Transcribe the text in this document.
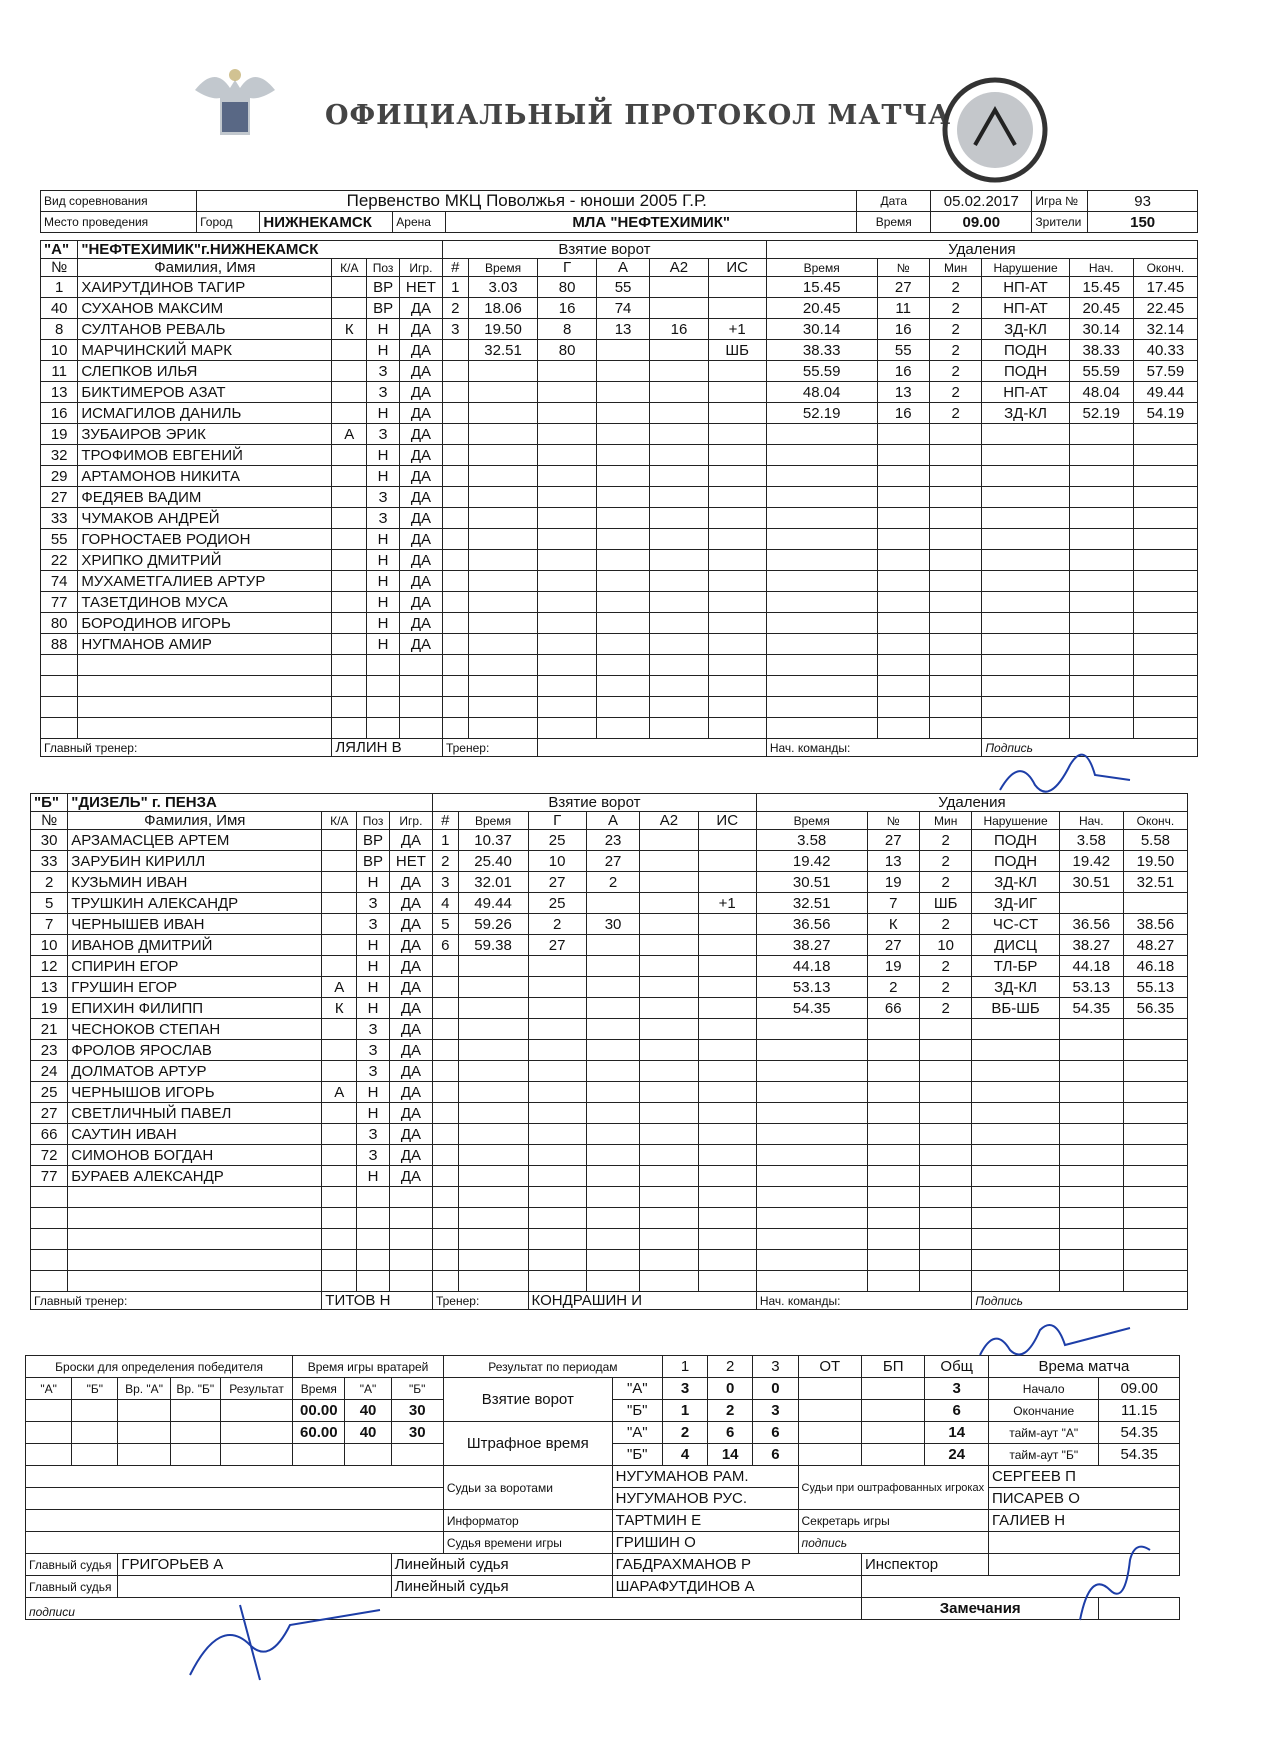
ОФИЦИАЛЬНЫЙ ПРОТОКОЛ МАТЧА
Вид соревнования	Первенство МКЦ Поволжья - юноши 2005 Г.Р.				Дата	05.02.2017	Игра №	93
Место проведения	Город	НИЖНЕКАМСК	Арена	МЛА "НЕФТЕХИМИК"	Время	09.00	Зрители	150
"А"	"НЕФТЕХИМИК"г.НИЖНЕКАМСК				Взятие ворот						Удаления					
№	Фамилия, Имя	К/А	Поз	Игр.	#	Время	Г	А	А2	ИС	Время	№	Мин	Нарушение	Нач.	Оконч.
1	ХАИРУТДИНОВ ТАГИР		ВР	НЕТ	1	3.03	80	55			15.45	27	2	НП-АТ	15.45	17.45
40	СУХАНОВ МАКСИМ		ВР	ДА	2	18.06	16	74			20.45	11	2	НП-АТ	20.45	22.45
8	СУЛТАНОВ РЕВАЛЬ	К	Н	ДА	3	19.50	8	13	16	+1	30.14	16	2	ЗД-КЛ	30.14	32.14
10	МАРЧИНСКИЙ МАРК		Н	ДА		32.51	80			ШБ	38.33	55	2	ПОДН	38.33	40.33
11	СЛЕПКОВ ИЛЬЯ		З	ДА							55.59	16	2	ПОДН	55.59	57.59
13	БИКТИМЕРОВ АЗАТ		З	ДА							48.04	13	2	НП-АТ	48.04	49.44
16	ИСМАГИЛОВ ДАНИЛЬ		Н	ДА							52.19	16	2	ЗД-КЛ	52.19	54.19
19	ЗУБАИРОВ ЭРИК	А	З	ДА												
32	ТРОФИМОВ ЕВГЕНИЙ		Н	ДА												
29	АРТАМОНОВ НИКИТА		Н	ДА												
27	ФЕДЯЕВ ВАДИМ		З	ДА												
33	ЧУМАКОВ АНДРЕЙ		З	ДА												
55	ГОРНОСТАЕВ РОДИОН		Н	ДА												
22	ХРИПКО ДМИТРИЙ		Н	ДА												
74	МУХАМЕТГАЛИЕВ АРТУР		Н	ДА												
77	ТАЗЕТДИНОВ МУСА		Н	ДА												
80	БОРОДИНОВ ИГОРЬ		Н	ДА												
88	НУГМАНОВ АМИР		Н	ДА												

Главный тренер:		ЛЯЛИН В			Тренер:						Нач. команды:			Подпись		
"Б"	"ДИЗЕЛЬ" г. ПЕНЗА				Взятие ворот						Удаления					
№	Фамилия, Имя	К/А	Поз	Игр.	#	Время	Г	А	А2	ИС	Время	№	Мин	Нарушение	Нач.	Оконч.
30	АРЗАМАСЦЕВ АРТЕМ		ВР	ДА	1	10.37	25	23			3.58	27	2	ПОДН	3.58	5.58
33	ЗАРУБИН КИРИЛЛ		ВР	НЕТ	2	25.40	10	27			19.42	13	2	ПОДН	19.42	19.50
2	КУЗЬМИН ИВАН		Н	ДА	3	32.01	27	2			30.51	19	2	ЗД-КЛ	30.51	32.51
5	ТРУШКИН АЛЕКСАНДР		З	ДА	4	49.44	25			+1	32.51	7	ШБ	ЗД-ИГ		
7	ЧЕРНЫШЕВ ИВАН		З	ДА	5	59.26	2	30			36.56	К	2	ЧС-СТ	36.56	38.56
10	ИВАНОВ ДМИТРИЙ		Н	ДА	6	59.38	27				38.27	27	10	ДИСЦ	38.27	48.27
12	СПИРИН ЕГОР		Н	ДА							44.18	19	2	ТЛ-БР	44.18	46.18
13	ГРУШИН ЕГОР	А	Н	ДА							53.13	2	2	ЗД-КЛ	53.13	55.13
19	ЕПИХИН ФИЛИПП	К	Н	ДА							54.35	66	2	ВБ-ШБ	54.35	56.35
21	ЧЕСНОКОВ СТЕПАН		З	ДА												
23	ФРОЛОВ ЯРОСЛАВ		З	ДА												
24	ДОЛМАТОВ АРТУР		З	ДА												
25	ЧЕРНЫШОВ ИГОРЬ	А	Н	ДА												
27	СВЕТЛИЧНЫЙ ПАВЕЛ		Н	ДА												
66	САУТИН ИВАН		З	ДА												
72	СИМОНОВ БОГДАН		З	ДА												
77	БУРАЕВ АЛЕКСАНДР		Н	ДА												

Главный тренер:		ТИТОВ Н			Тренер:		КОНДРАШИН И				Нач. команды:			Подпись		
Броски для определения победителя					Время игры вратарей			Результат по периодам		1	2	3	ОТ	БП	Общ	Врема матча	
"А"	"Б"	Вр. "А"	Вр. "Б"	Результат	Время	"А"	"Б"	Взятие ворот	"А"	3	0	0			3	Начало	09.00
					00.00	40	30		"Б"	1	2	3			6	Окончание	11.15
					60.00	40	30	Штрафное время	"А"	2	6	6			14	тайм-аут "А"	54.35
									"Б"	4	14	6			24	тайм-аут "Б"	54.35
								Судьи за воротами	НУГУМАНОВ РАМ.				Судьи при оштрафованных игроках			СЕРГЕЕВ П	
									НУГУМАНОВ РУС.							ПИСАРЕВ О	
								Информатор	ТАРТМИН Е				Секретарь игры			ГАЛИЕВ Н	
								Судья времени игры	ГРИШИН О				подпись				
Главный судья		ГРИГОРЬЕВ А					Линейный судья		ГАБДРАХМАНОВ Р					Инспектор			
Главный судья							Линейный судья		ШАРАФУТДИНОВ А								
подписи														Замечания			
